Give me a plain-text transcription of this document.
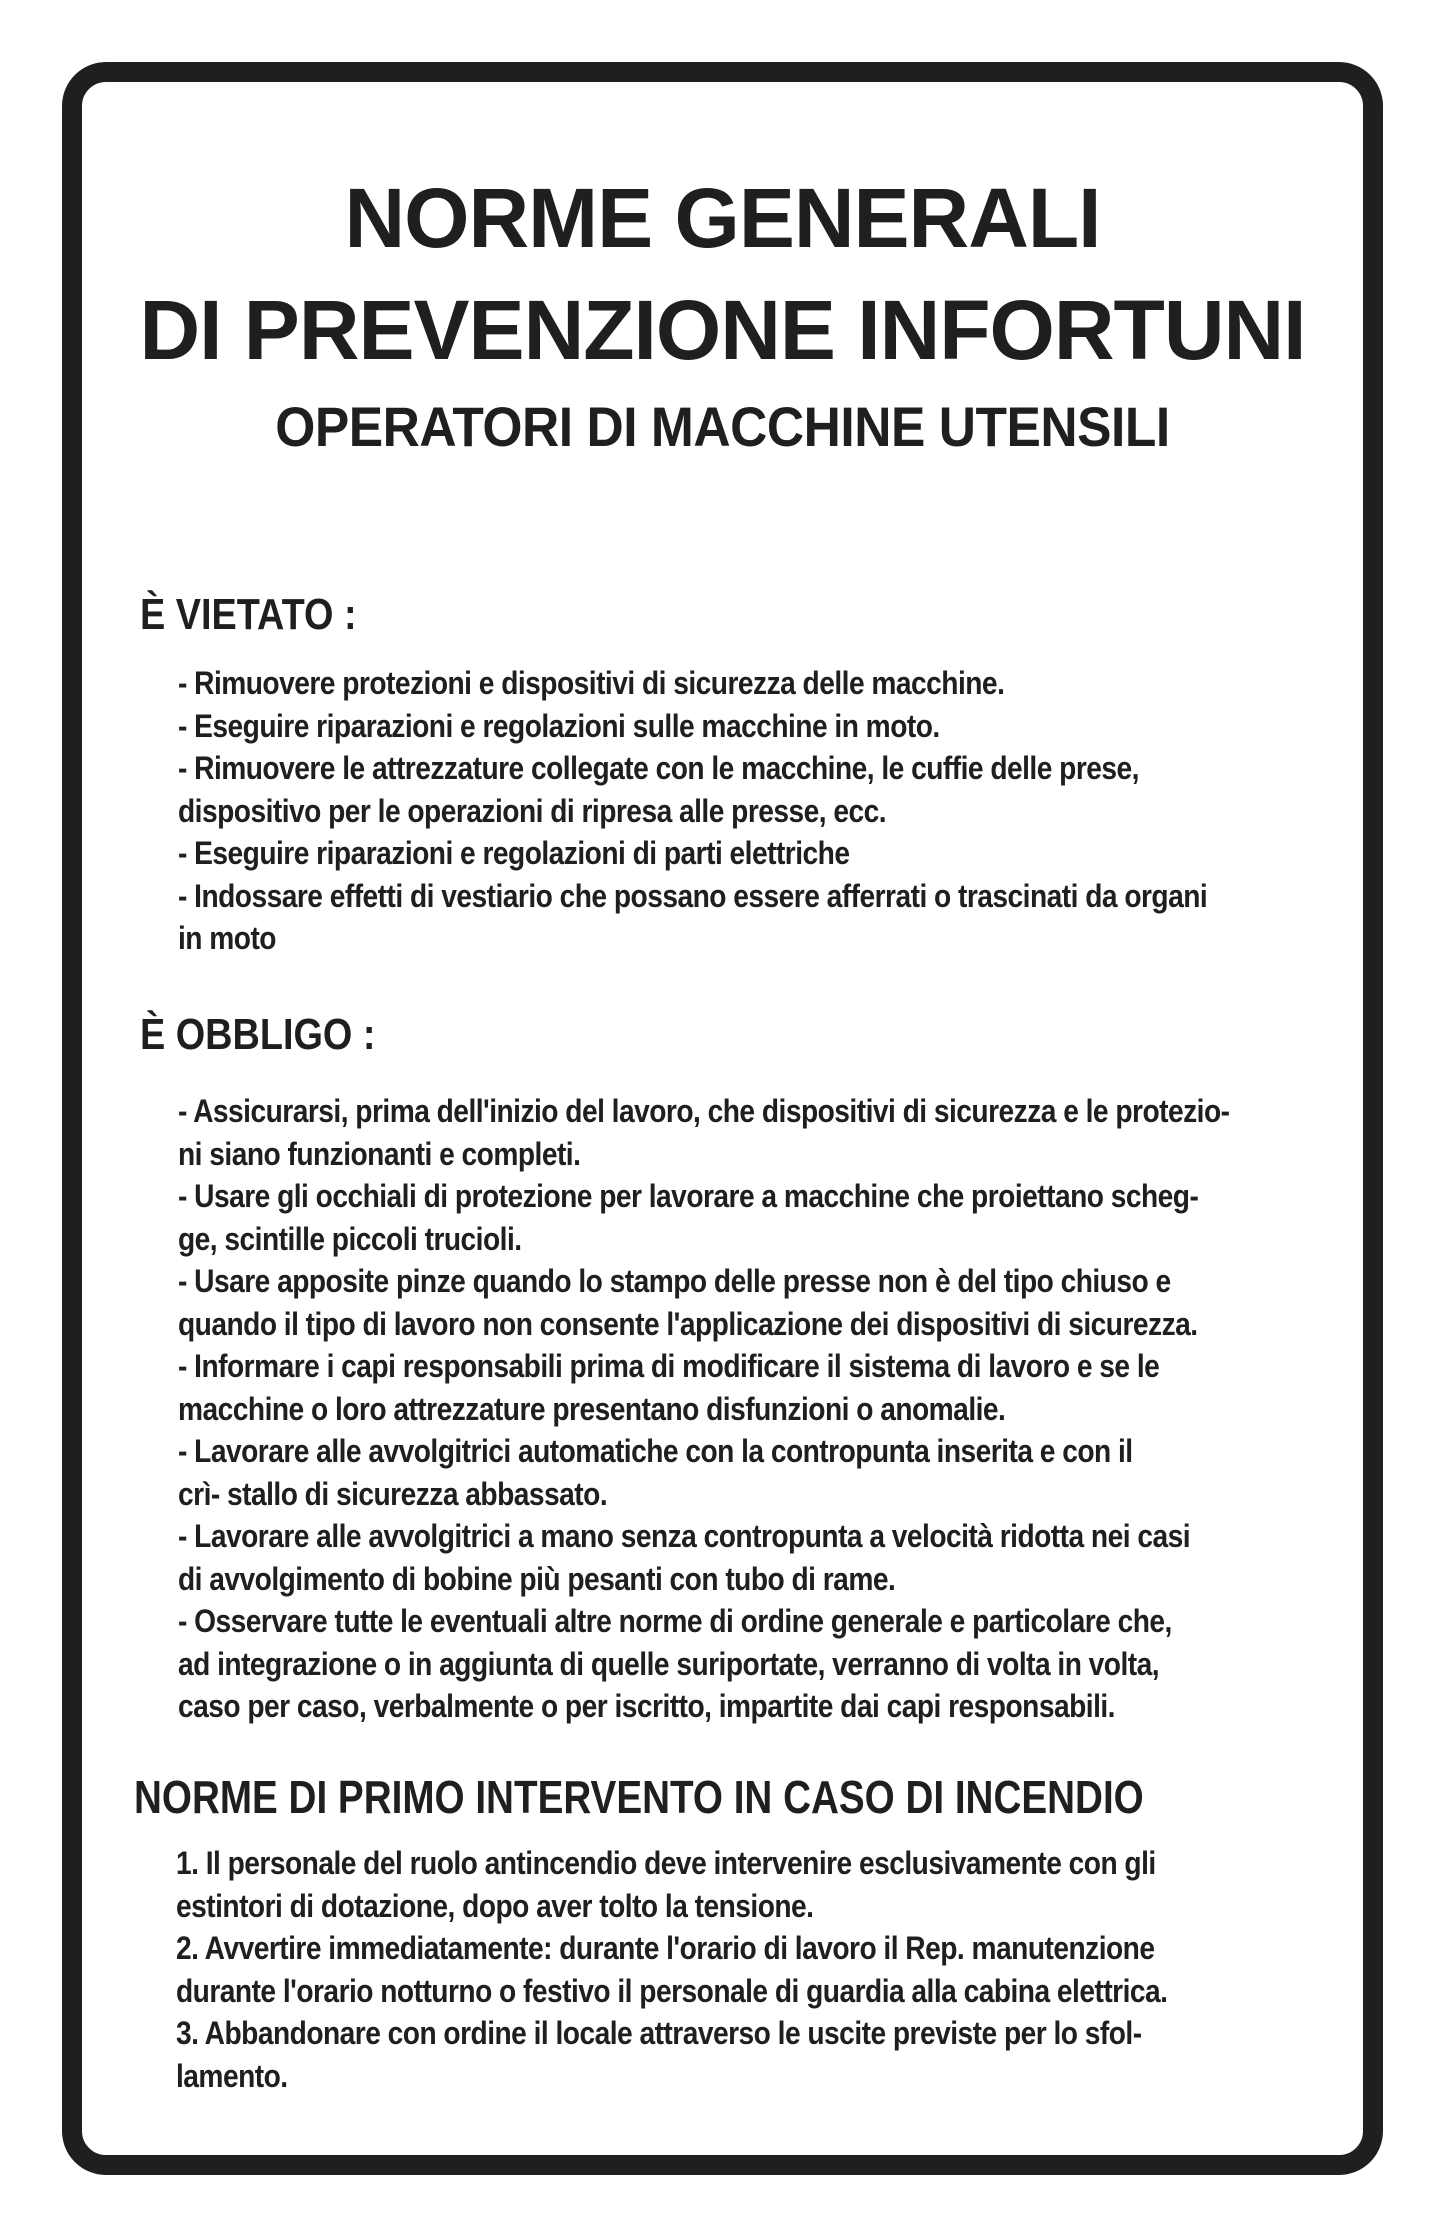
NORME GENERALI
DI PREVENZIONE INFORTUNI
OPERATORI DI MACCHINE UTENSILI
È VIETATO :
- Rimuovere protezioni e dispositivi di sicurezza delle macchine.
- Eseguire riparazioni e regolazioni sulle macchine in moto.
- Rimuovere le attrezzature collegate con le macchine, le cuffie delle prese,
dispositivo per le operazioni di ripresa alle presse, ecc.
- Eseguire riparazioni e regolazioni di parti elettriche
- Indossare effetti di vestiario che possano essere afferrati o trascinati da organi
in moto
È OBBLIGO :
- Assicurarsi, prima dell'inizio del lavoro, che dispositivi di sicurezza e le protezio-
ni siano funzionanti e completi.
- Usare gli occhiali di protezione per lavorare a macchine che proiettano scheg-
ge, scintille piccoli trucioli.
- Usare apposite pinze quando lo stampo delle presse non è del tipo chiuso e
quando il tipo di lavoro non consente l'applicazione dei dispositivi di sicurezza.
- Informare i capi responsabili prima di modificare il sistema di lavoro e se le
macchine o loro attrezzature presentano disfunzioni o anomalie.
- Lavorare alle avvolgitrici automatiche con la contropunta inserita e con il
crì- stallo di sicurezza abbassato.
- Lavorare alle avvolgitrici a mano senza contropunta a velocità ridotta nei casi
di avvolgimento di bobine più pesanti con tubo di rame.
- Osservare tutte le eventuali altre norme di ordine generale e particolare che,
ad integrazione o in aggiunta di quelle suriportate, verranno di volta in volta,
caso per caso, verbalmente o per iscritto, impartite dai capi responsabili.
NORME DI PRIMO INTERVENTO IN CASO DI INCENDIO
1. Il personale del ruolo antincendio deve intervenire esclusivamente con gli
estintori di dotazione, dopo aver tolto la tensione.
2. Avvertire immediatamente: durante l'orario di lavoro il Rep. manutenzione
durante l'orario notturno o festivo il personale di guardia alla cabina elettrica.
3. Abbandonare con ordine il locale attraverso le uscite previste per lo sfol-
lamento.
